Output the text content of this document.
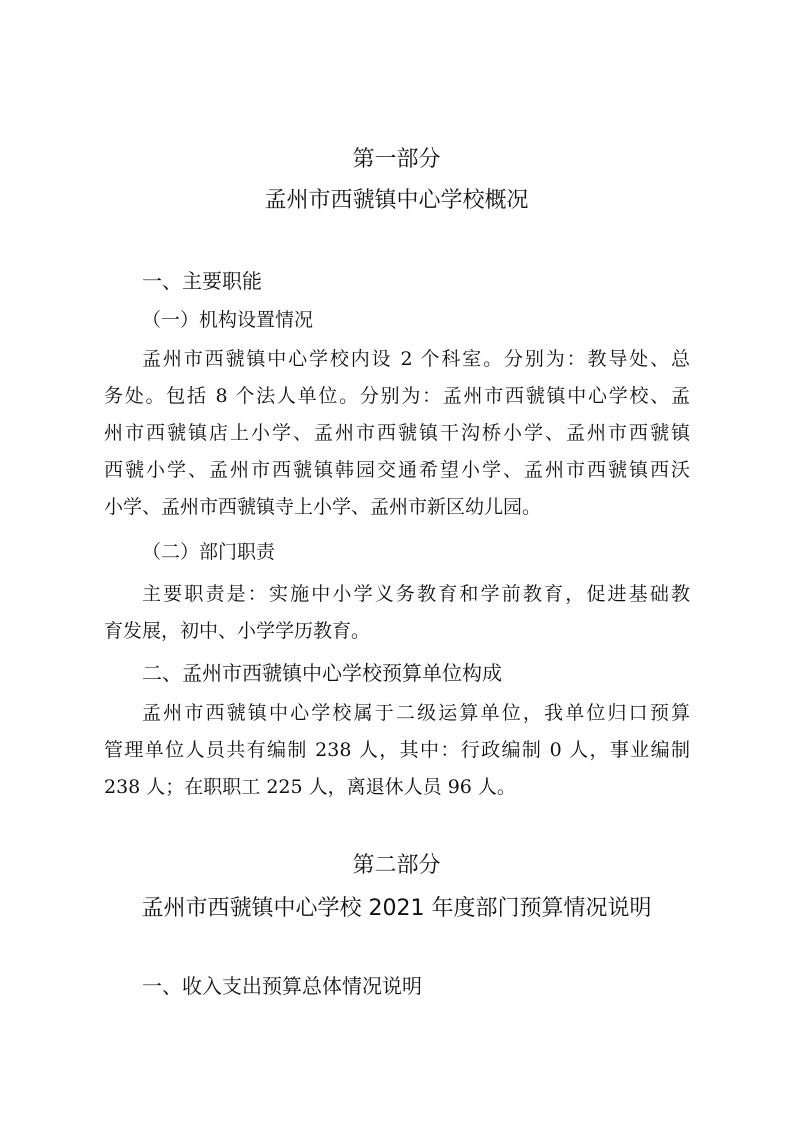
第一部分
孟州市西虢镇中心学校概况
一、主要职能
（一）机构设置情况
孟州市西虢镇中心学校内设 2 个科室。分别为：教导处、总
务处。包括 8 个法人单位。分别为：孟州市西虢镇中心学校、孟
州市西虢镇店上小学、孟州市西虢镇干沟桥小学、孟州市西虢镇
西虢小学、孟州市西虢镇韩园交通希望小学、孟州市西虢镇西沃
小学、孟州市西虢镇寺上小学、孟州市新区幼儿园。
（二）部门职责
主要职责是：实施中小学义务教育和学前教育，促进基础教
育发展，初中、小学学历教育。
二、孟州市西虢镇中心学校预算单位构成
孟州市西虢镇中心学校属于二级运算单位，我单位归口预算
管理单位人员共有编制 238 人，其中：行政编制 0 人，事业编制
238 人；在职职工 225 人，离退休人员 96 人。
第二部分
孟州市西虢镇中心学校 2021 年度部门预算情况说明
一、收入支出预算总体情况说明
